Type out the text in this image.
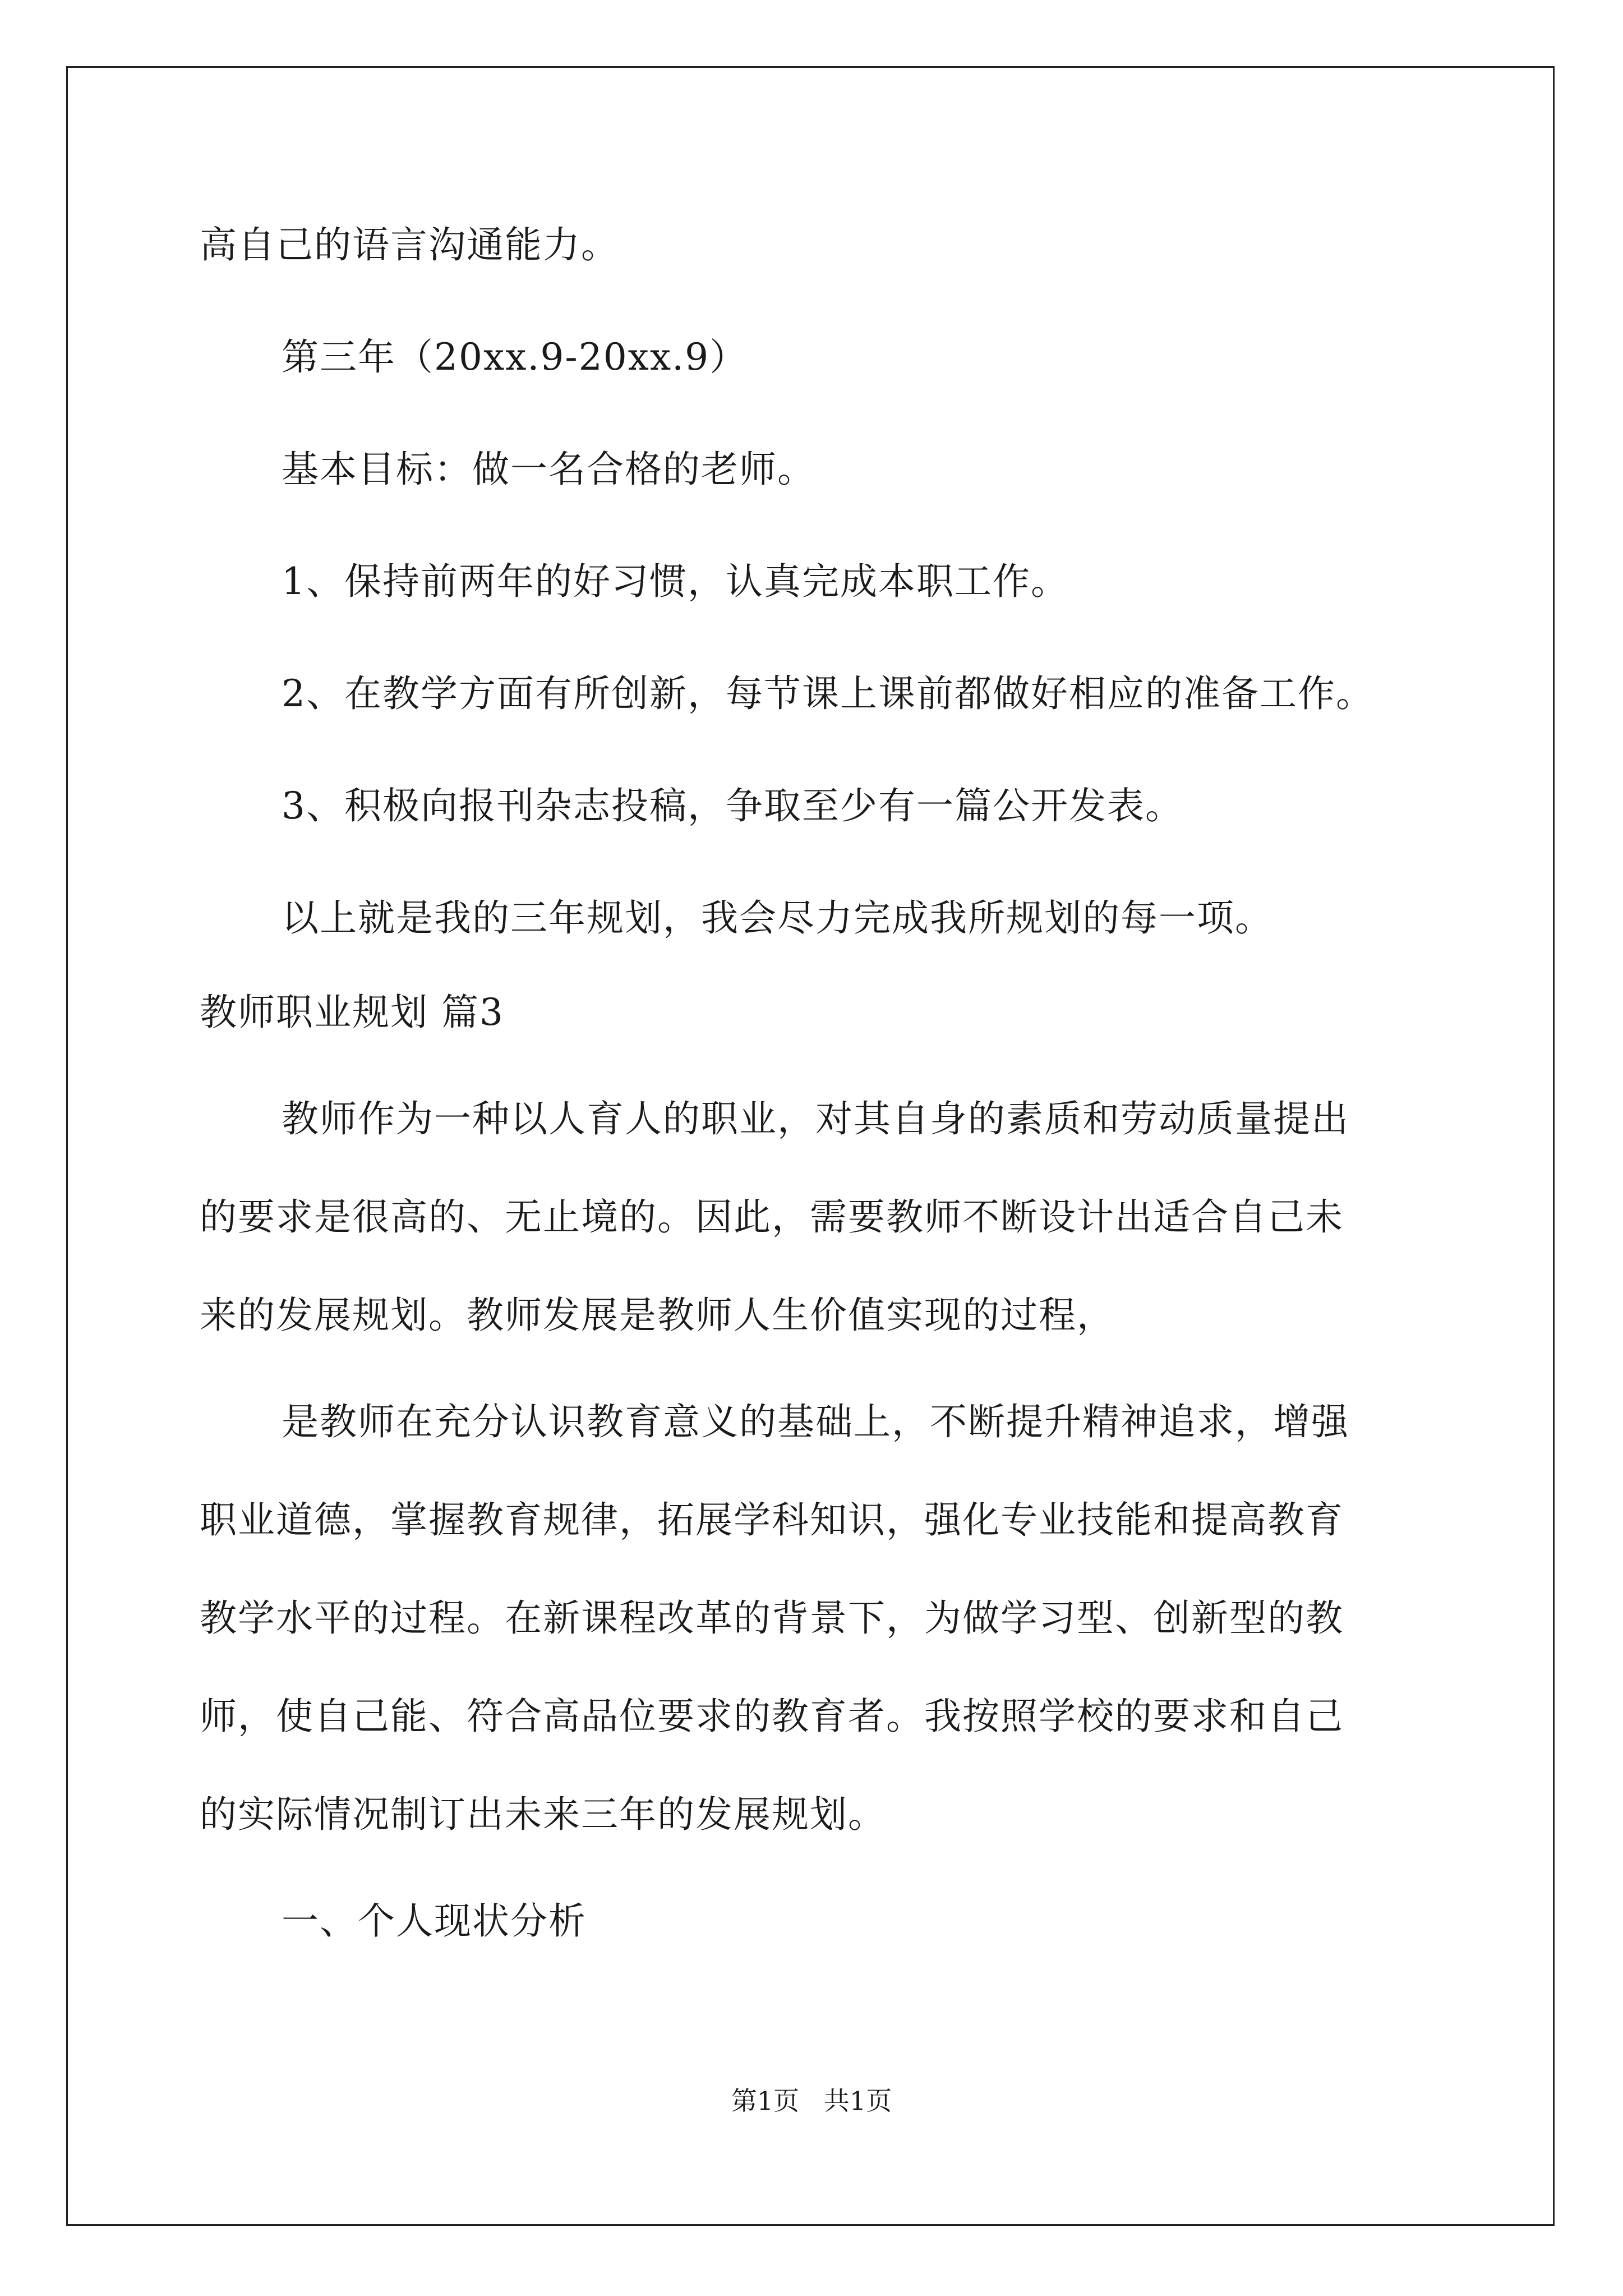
高自己的语言沟通能力。
第三年（20xx.9-20xx.9）
基本目标：做一名合格的老师。
1、保持前两年的好习惯，认真完成本职工作。
2、在教学方面有所创新，每节课上课前都做好相应的准备工作。
3、积极向报刊杂志投稿，争取至少有一篇公开发表。
以上就是我的三年规划，我会尽力完成我所规划的每一项。
教师职业规划 篇3
教师作为一种以人育人的职业，对其自身的素质和劳动质量提出
的要求是很高的、无止境的。因此，需要教师不断设计出适合自己未
来的发展规划。教师发展是教师人生价值实现的过程，
是教师在充分认识教育意义的基础上，不断提升精神追求，增强
职业道德，掌握教育规律，拓展学科知识，强化专业技能和提高教育
教学水平的过程。在新课程改革的背景下，为做学习型、创新型的教
师，使自己能、符合高品位要求的教育者。我按照学校的要求和自己
的实际情况制订出未来三年的发展规划。
一、个人现状分析
第1页   共1页
